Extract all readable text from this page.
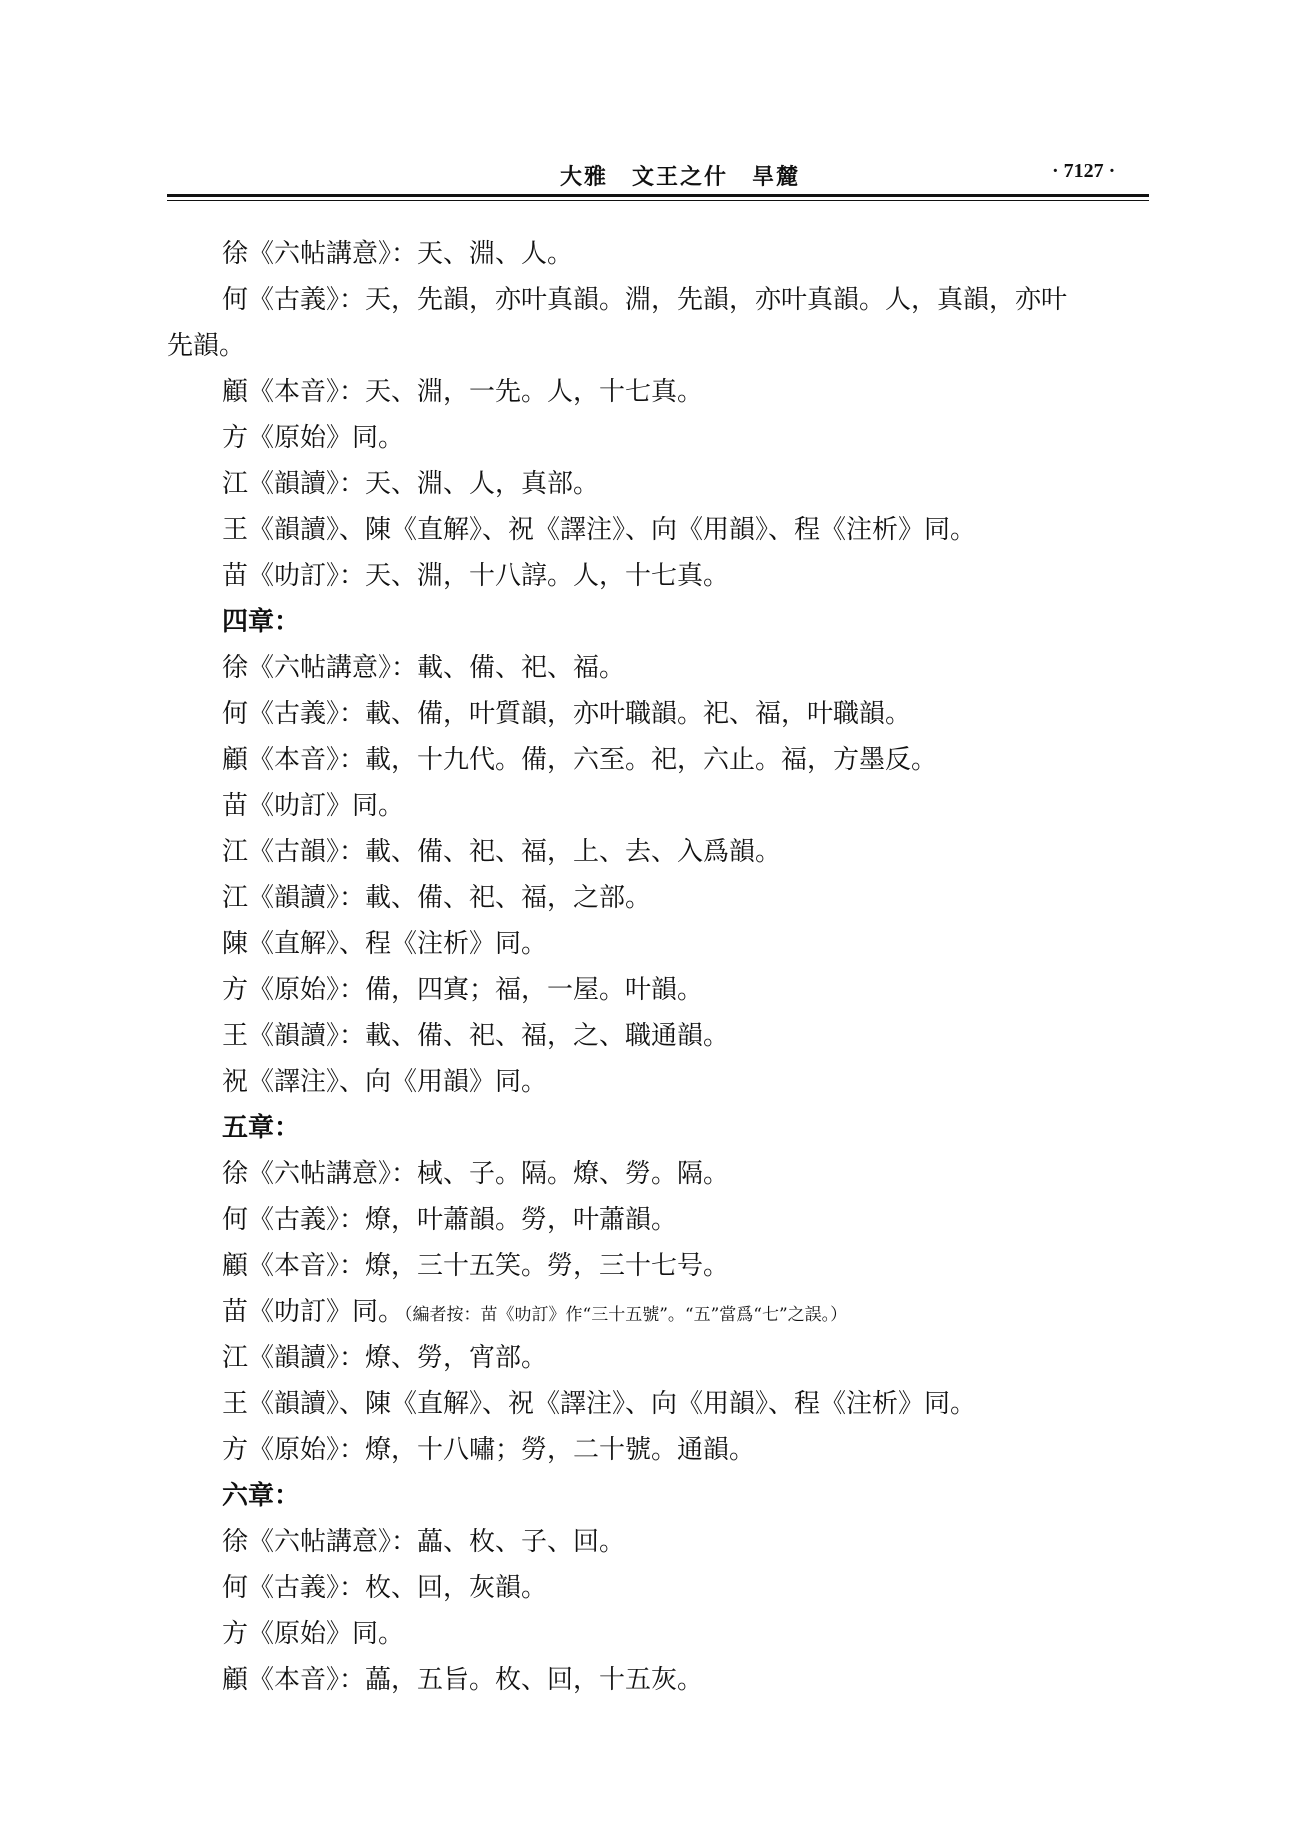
大雅　文王之什　旱麓	· 7127 ·
徐《六帖講意》：天、淵、人。
何《古義》：天，先韻，亦叶真韻。淵，先韻，亦叶真韻。人，真韻，亦叶
先韻。
顧《本音》：天、淵，一先。人，十七真。
方《原始》同。
江《韻讀》：天、淵、人，真部。
王《韻讀》、陳《直解》、祝《譯注》、向《用韻》、程《注析》同。
苗《叻訂》：天、淵，十八諄。人，十七真。
四章：
徐《六帖講意》：載、備、祀、福。
何《古義》：載、備，叶質韻，亦叶職韻。祀、福，叶職韻。
顧《本音》：載，十九代。備，六至。祀，六止。福，方墨反。
苗《叻訂》同。
江《古韻》：載、備、祀、福，上、去、入爲韻。
江《韻讀》：載、備、祀、福，之部。
陳《直解》、程《注析》同。
方《原始》：備，四寘；福，一屋。叶韻。
王《韻讀》：載、備、祀、福，之、職通韻。
祝《譯注》、向《用韻》同。
五章：
徐《六帖講意》：棫、子。隔。燎、勞。隔。
何《古義》：燎，叶蕭韻。勞，叶蕭韻。
顧《本音》：燎，三十五笑。勞，三十七号。
苗《叻訂》同。（編者按：苗《叻訂》作“三十五號”。“五”當爲“七”之誤。）
江《韻讀》：燎、勞，宵部。
王《韻讀》、陳《直解》、祝《譯注》、向《用韻》、程《注析》同。
方《原始》：燎，十八嘯；勞，二十號。通韻。
六章：
徐《六帖講意》：藟、枚、子、回。
何《古義》：枚、回，灰韻。
方《原始》同。
顧《本音》：藟，五旨。枚、回，十五灰。
